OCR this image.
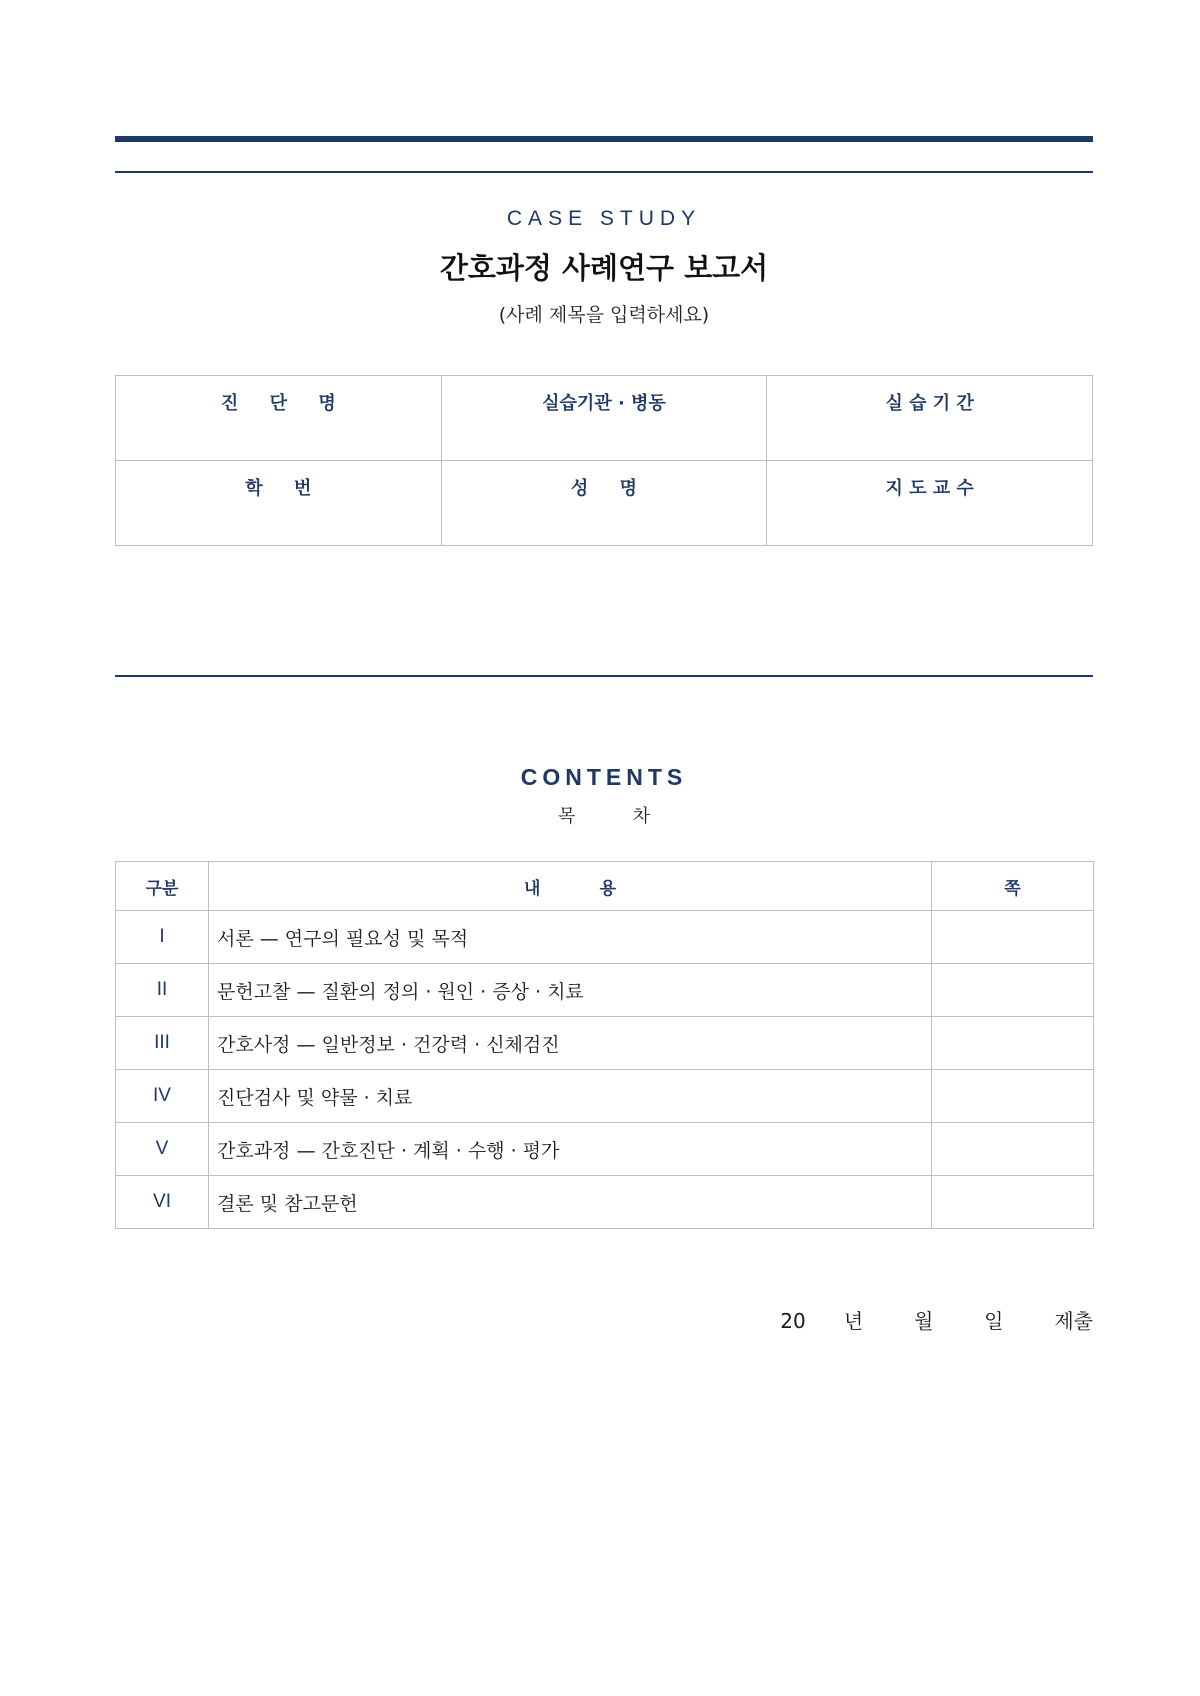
CASE STUDY
간호과정 사례연구 보고서
(사례 제목을 입력하세요)
진     단     명	실습기관 · 병동	실 습 기 간

학     번	성     명	지 도 교 수
CONTENTS
목          차
구분	내          용	쪽
I	서론 — 연구의 필요성 및 목적	
II	문헌고찰 — 질환의 정의 · 원인 · 증상 · 치료	
III	간호사정 — 일반정보 · 건강력 · 신체검진	
IV	진단검사 및 약물 · 치료	
V	간호과정 — 간호진단 · 계획 · 수행 · 평가	
VI	결론 및 참고문헌	
20      년        월        일        제출
